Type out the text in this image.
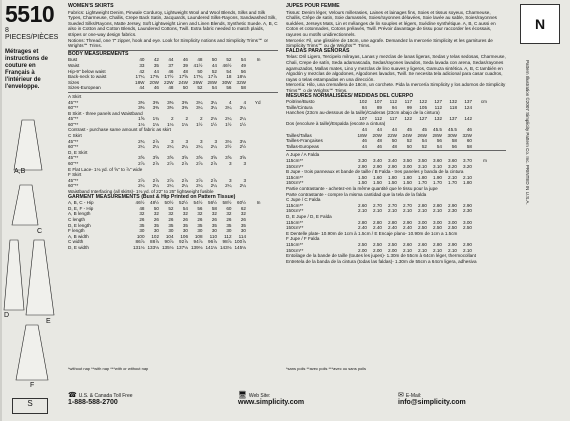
5510
8 PIECES/PIÈCES
Métrages et instructions de couture en Français à l'intérieur de l'enveloppe.
A,B
C
D
E
F
WOMEN'S SKIRTS
Fabrics: Lightweight Denim, Pinwale Corduroy, Lightweight Wool and Wool Blends, Silks and Silk Types, Charmeuse, Challis, Crepe Back Satin, Jacquards, Laundered Silks-Rayons, Sandwashed Silk, Sueded Silks/Rayons, Matte Jersey, Soft Lightweight Linen and Linen Blends, Synthetic Suede. A, B, C also in Cotton and Cotton Blends, Laundered Cottons, Twill. Extra fabric needed to match plaids, stripes or one-way design fabrics.
Notions: Thread, one 7" zipper, hook and eye. Look for Simplicity notions and Simplicity Trims℠ or Wrights℠ Trims.
BODY MEASUREMENTS
Bust	40	42	44	46	48	50	52	54	In
Waist	33	35	37	39	41½	44	46½	49
Hip-9" below waist	42	44	46	48	50	52	54	56
Back-neck to waist	17¼	17⅜	17½	17⅝	17¾	17⅞	18	18⅛
Sizes	18W	20W	22W	24W	26W	28W	30W	32W
Sizes-European	44	46	48	50	52	54	56	58
A Skirt
45"**	3⅜	3⅜	3⅜	3⅜	3¼	3¼	4	4	Yd
60"**	3⅜	3⅜	3⅜	3⅜	3¼	3¼	3¼	3¼
B Skirt - three panels and Waistband
45"**	1⅝	1¾	2	2	2	2⅛	2¼	2¼
60"**	1⅛	1⅛	1⅛	1⅛	1½	1½	1½	1½
Contrast - purchase same amount of fabric as skirt
C Skirt
45"**	2¾	2⅞	3	3	3	3	3⅛	3⅛
60"**	2¼	2¼	2¼	2¼	2¼	2¼	2½	2½
D, E Skirt
45"**	3⅝	3⅝	3⅝	3⅝	3⅝	3⅝	3⅝	3⅝
60"**	2⅞	2⅞	2⅞	2⅞	2⅞	2⅞	3	3
E Flat Lace- 1⅛ yd. of ⅝" to ⅞" wide
F Skirt
45"**	2⅞	2⅞	2⅞	2⅞	2⅞	2⅞	3	3
60"**	2¼	2¼	2¼	2¼	2¼	2¼	2¼	2¼
Waistband Interfacing (all skirts)- 1⅛ yd. of 22" to 25" lightweight fusible
GARMENT MEASUREMENTS (Bust & Hip Printed on Pattern Tissue)
A, B, C - Hip	46½	48½	50½	52½	54½	56½	58½	60½	In
D, E, F - Hip	48	50	52	54	56	58	60	62
A, B length	32	32	32	32	32	32	32	32
C length	26	26	26	26	26	26	26	26
D, E length	35	35	35	35	35	35	35	35
F length	30	30	30	30	30	30	30	30
A, B width	100	102	104	106	108	110	112	114
C width	86⅞	88⅞	90⅞	92⅞	94⅞	96⅞	98⅞ 100⅞
D, E width	131⅛ 133⅛ 135⅛ 137⅛ 139⅛ 141⅛ 143⅛ 145⅛
*without nap **with nap ***with or without nap
JUPES POUR FEMME
Tissus: Denim léger, Velours millerasies, Laines et lainages fins, Soies et tissus soyeux, Charmeuse, Challis, Crêpe de satin, Soie damassés, Soies/rayonnes délavées, Soie lavée au sable, Soies/rayonnes suédées, Jerseys Mats, Lin et mélanges de lin souples et légers, Suédine synthétique. A, B, C aussi en Coton et cotonnades, Cotons prélavés, Twill. Prévoir davantage de tissu pour raccorder les écossais, rayures ou motifs unidirectionnels.
Mercerie: Fil, une glissière de 18cm, une agrafe. Demandez la mercerie Simplicity et les garnitures de Simplicity Trims℠ ou de Wrights℠ Trims.
FALDAS PARA SEÑORAS
Telas: Dril Ligero, Tercipelo milrayas, Lanas y mezclas de lanas ligeras, Sedas y telas sedosas, Charmeuse, Chali, Crepe de satín, Seda adamascada, Sedas/rayones lavados, Seda lavada con arena, Sedas/rayones agamuzados, Mallas mates, Lino y mezclas de lino suaves y ligeros, Gamuza sintética. A, B, C también en Algodón y mezclas de algodones, Algodones lavados, Twill. Se necesita tela adicional para casar cuadros, rayas o telas estampadas en una dirección.
Mercería: Hilo, una cremallera de 18cm, un corchete. Pida la mercería Simplicity y los adornos de Simplicity Trims℠ o de Wrights℠ Trims.
MESURES NORMALISÉES/ MEDIDAS DEL CUERPO
Poitrine/Busto	102	107	112	117	122	127	132	137	cm
Taille/Cintura	84	89	94	99	105	112	118	124
Hanches (23cm au-dessous de la taille)/Caderas (23cm abajo de la cintura)
107	112	117	122	127	132	137	142
Dos (encolure à taille)/Espalda (escote a cintura)
44	44	44	45	45	45.5	45.5	46
Tailles/Tallas	18W	20W	22W	24W	26W	28W	30W	32W
Tailles-Françaises	46	48	50	52	54	56	58	60
Tallas-Europeas	44	46	48	50	52	54	56	58
A Jupe / A Falda
115cm**	3.30	3.40	3.40	3.50	3.50	3.60	3.60	3.70	m
150cm**	2.90	2.90	2.90	3.00	3.10	3.10	3.20	3.20
B Jupe - trois panneaux et bande de taille / B Falda - tres paneles y banda de la cintura
115cm**	1.50	1.60	1.80	1.80	1.80	1.90	2.10	2.10
150cm**	1.50	1.50	1.50	1.50	1.70	1.70	1.70	1.80
Partie contrastante - achetez-en la même quantité que le tissu pour la jupe
Parte contrastante - compre la misma cantidad que la tela de la falda
C Jupe / C Falda
115cm**	2.60	2.70	2.70	2.70	2.80	2.80	2.90	2.90
150cm**	2.10	2.10	2.10	2.10	2.10	2.10	2.30	2.30
D, E Jupe / D, E Falda
115cm**	2.80	2.80	2.80	2.90	3.00	3.00	3.00	3.00
150cm**	2.40	2.40	2.40	2.40	2.50	2.50	2.50	2.50
E Dentelle plate- 10.90m de 1cm à 1.5cm / E Encaje plano- 10.90m de 1cm a 1.5cm
F Jupe / F Falda
115cm**	2.50	2.50	2.50	2.60	2.60	2.80	2.90	2.90
150cm**	2.00	2.00	2.00	2.10	2.10	2.10	2.10	2.10
Entoilage de la bande de taille (toutes les jupes)- 1.30m de 55cm à 64cm léger, thermocollant
Entretela de la banda de la cintura (todas las faldas)- 1.30m de 55cm a 64cm ligera, adhesiva
*sans poils **avec poils ***avec ou sans poils
N
Pattern Illustration ©2007 Simplicity Pattern Co. Inc. PRINTED IN U.S.A.
S
☎ U.S. & Canada Toll Free
1-888-588-2700
🖥 Web Site:
www.simplicity.com
✉ E-Mail:
info@simplicity.com
